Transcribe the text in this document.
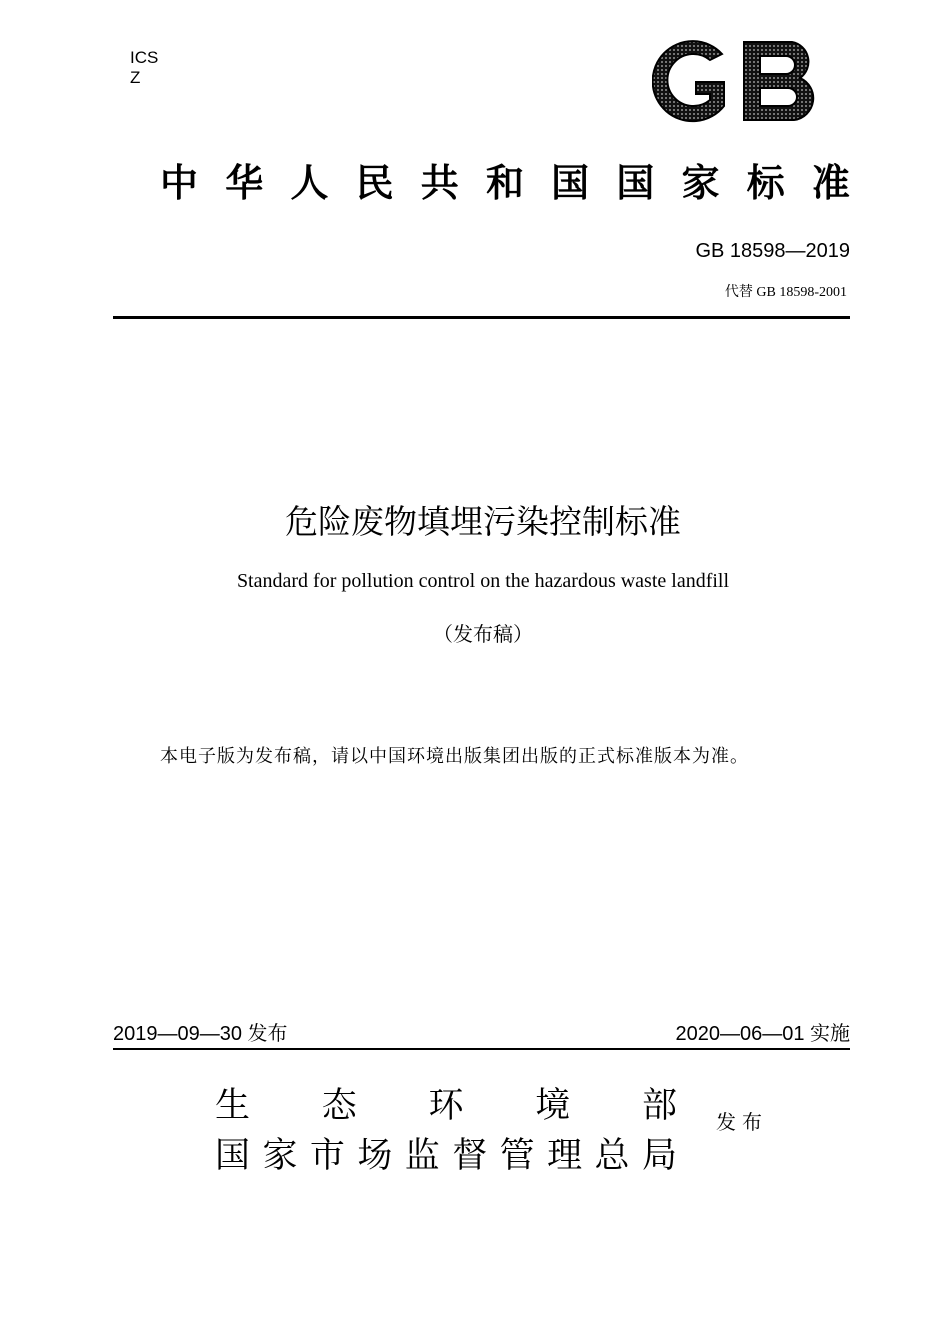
ICS
Z
中 华 人 民 共 和 国 国 家 标 准
GB 18598—2019
代替 GB 18598-2001
危险废物填埋污染控制标准
Standard for pollution control on the hazardous waste landfill
（发布稿）
本电子版为发布稿，请以中国环境出版集团出版的正式标准版本为准。
2019—09—30 发布	2020—06—01 实施
生 态 环 境 部
国 家 市 场 监 督 管 理 总 局
发布
